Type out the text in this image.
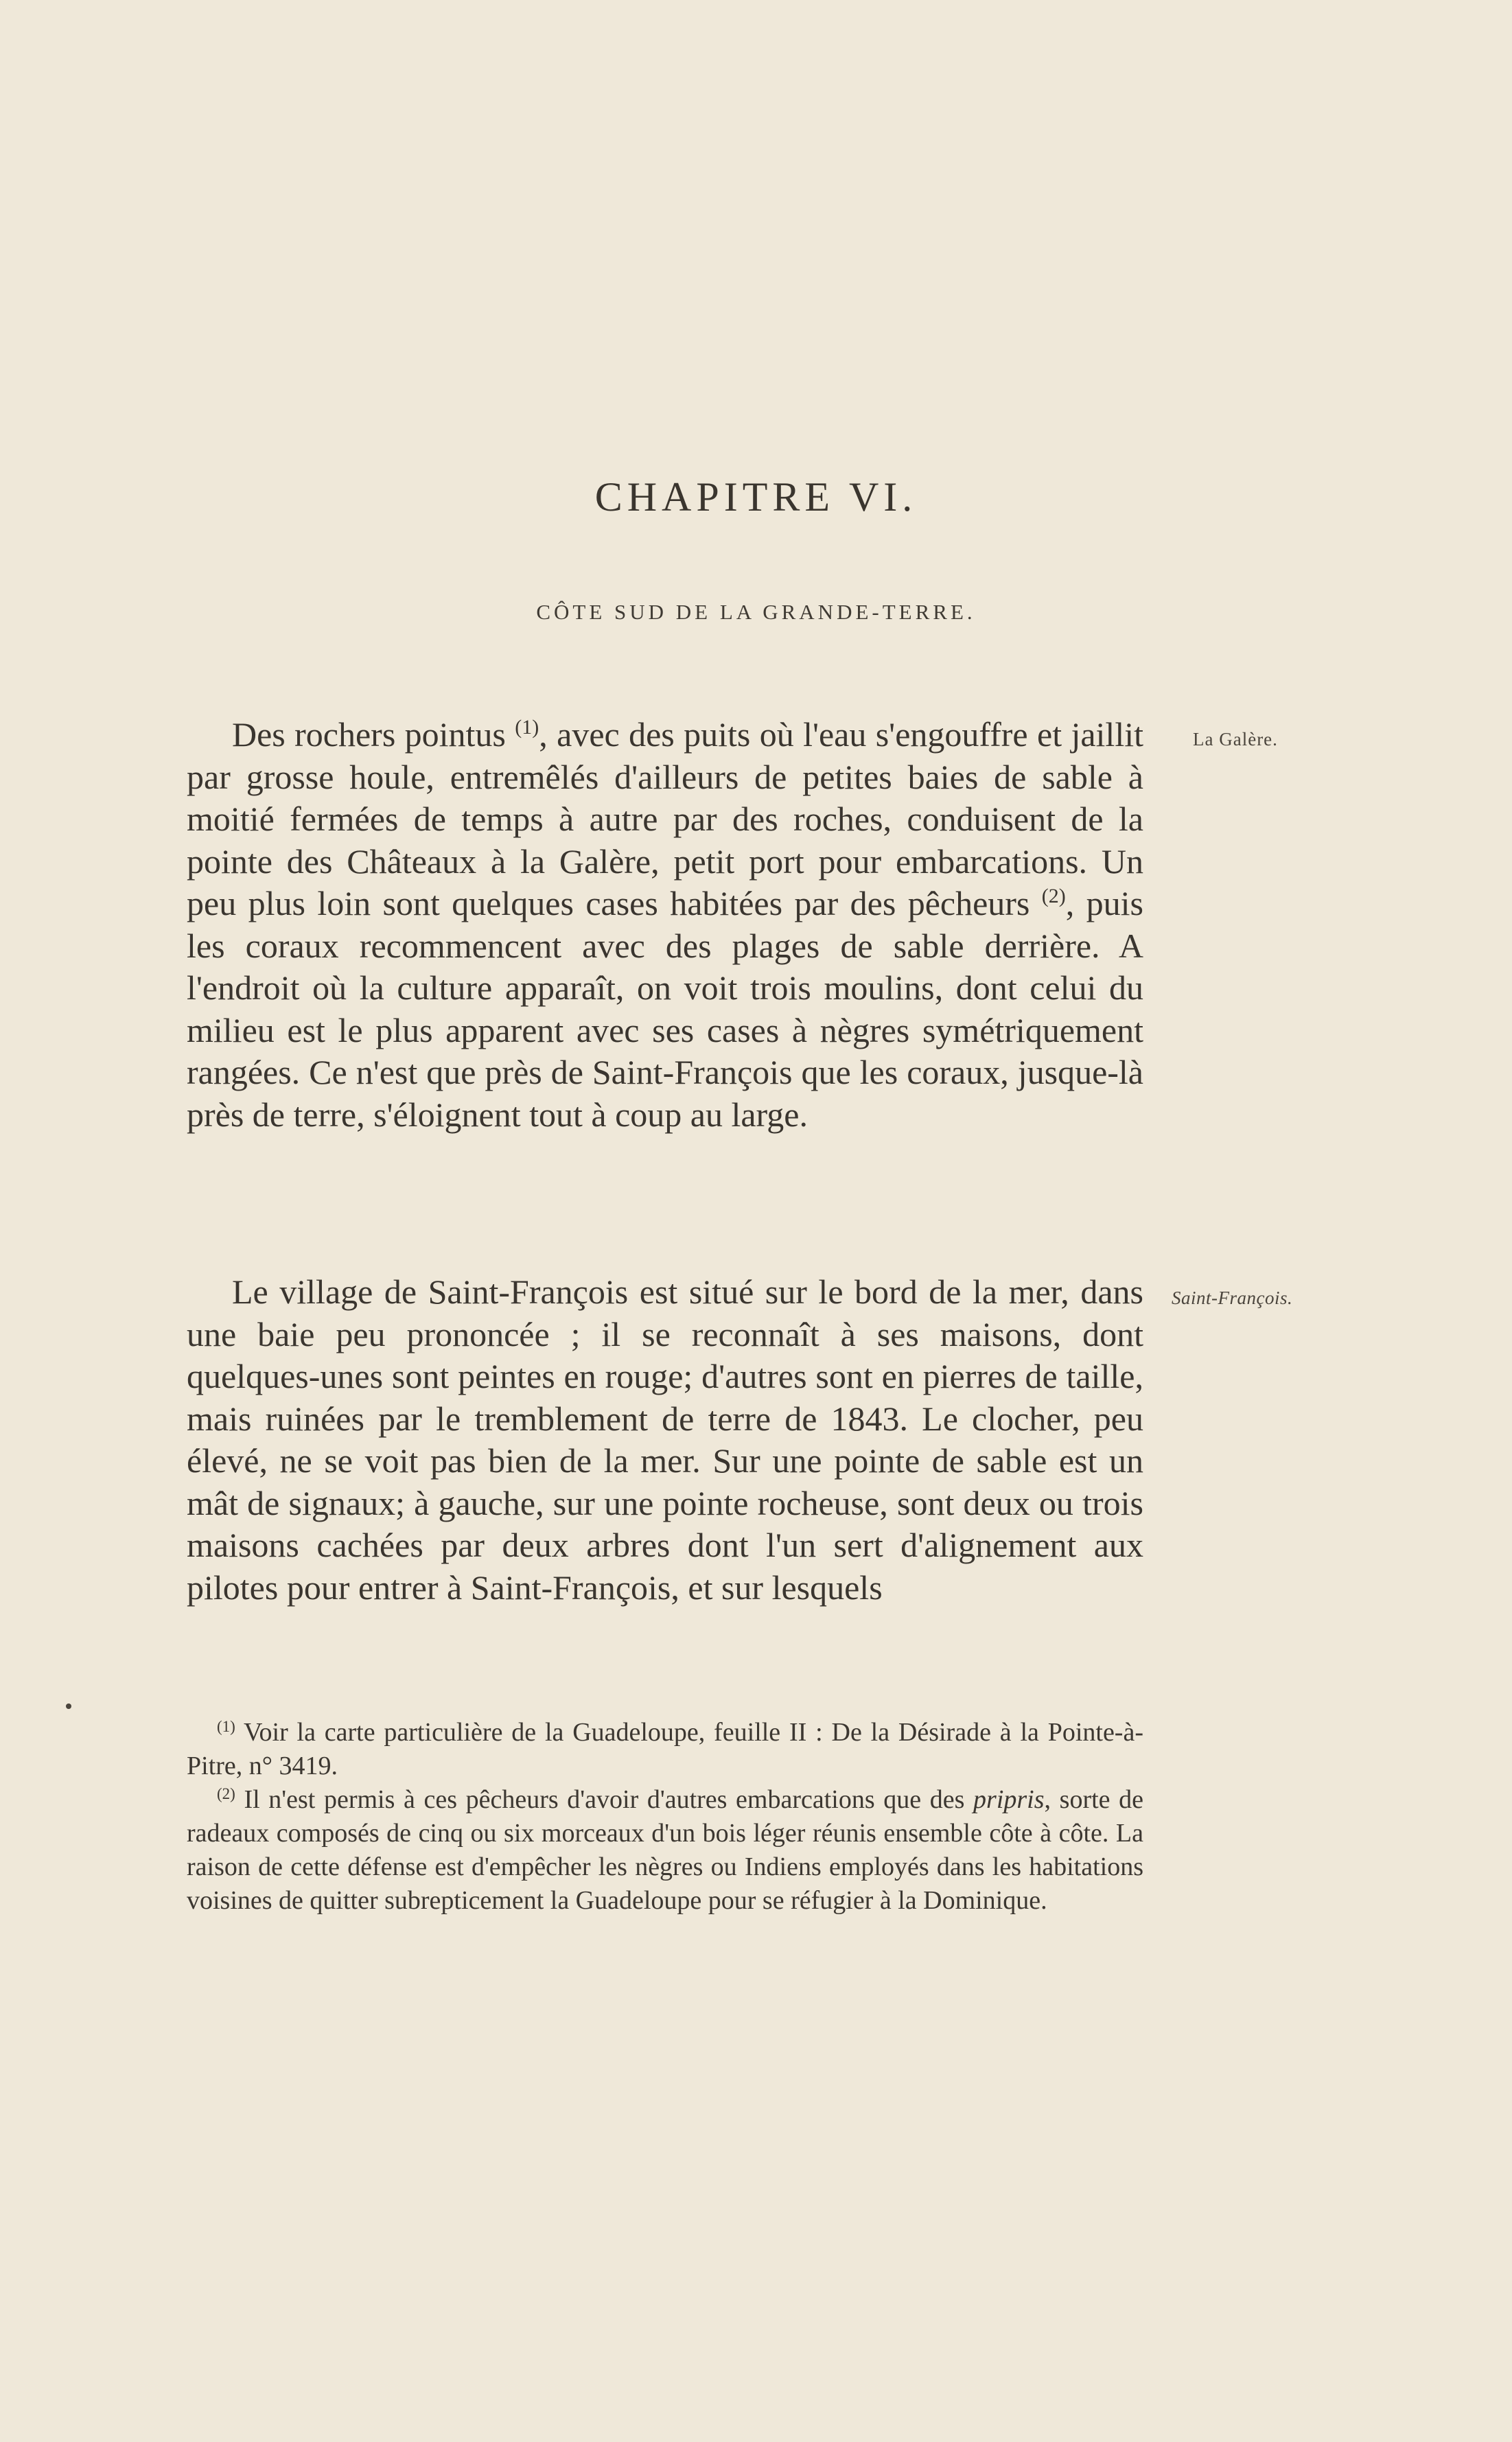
CHAPITRE VI.
CÔTE SUD DE LA GRANDE-TERRE.

La Galère.

Des rochers pointus $^{(1)}$, avec des puits où l'eau s'engouffre et jaillit par grosse houle, entremêlés d'ailleurs de petites baies de sable à moitié fermées de temps à autre par des roches, conduisent de la pointe des Châteaux à la Galère, petit port pour embarcations. Un peu plus loin sont quelques cases habitées par des pêcheurs $^{(2)}$, puis les coraux recommencent avec des plages de sable derrière. A l'endroit où la culture apparaît, on voit trois moulins, dont celui du milieu est le plus apparent avec ses cases à nègres symétriquement rangées. Ce n'est que près de Saint-François que les coraux, jusque-là près de terre, s'éloignent tout à coup au large.

Saint-François.

Le village de Saint-François est situé sur le bord de la mer, dans une baie peu prononcée ; il se reconnaît à ses maisons, dont quelques-unes sont peintes en rouge; d'autres sont en pierres de taille, mais ruinées par le tremblement de terre de 1843. Le clocher, peu élevé, ne se voit pas bien de la mer. Sur une pointe de sable est un mât de signaux; à gauche, sur une pointe rocheuse, sont deux ou trois maisons cachées par deux arbres dont l'un sert d'alignement aux pilotes pour entrer à Saint-François, et sur lesquels

$^{(1)}$ Voir la carte particulière de la Guadeloupe, feuille II : De la Désirade à la Pointe-à-Pitre, n° 3419.

$^{(2)}$ Il n'est permis à ces pêcheurs d'avoir d'autres embarcations que des pripris, sorte de radeaux composés de cinq ou six morceaux d'un bois léger réunis ensemble côte à côte. La raison de cette défense est d'empêcher les nègres ou Indiens employés dans les habitations voisines de quitter subrepticement la Guadeloupe pour se réfugier à la Dominique.
